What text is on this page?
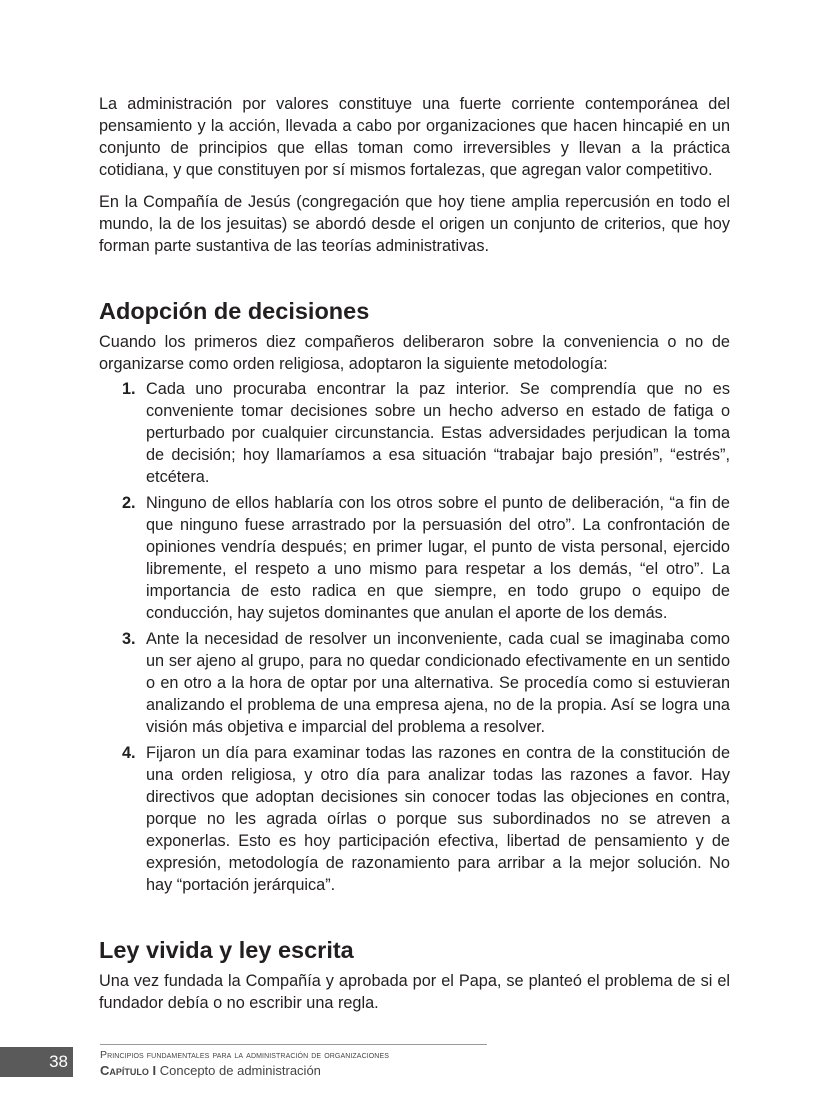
La administración por valores constituye una fuerte corriente contemporánea del pensamiento y la acción, llevada a cabo por organizaciones que hacen hincapié en un conjunto de principios que ellas toman como irreversibles y llevan a la práctica cotidiana, y que constituyen por sí mismos fortalezas, que agregan valor competitivo.

En la Compañía de Jesús (congregación que hoy tiene amplia repercusión en todo el mundo, la de los jesuitas) se abordó desde el origen un conjunto de criterios, que hoy forman parte sustantiva de las teorías administrativas.

Adopción de decisiones

Cuando los primeros diez compañeros deliberaron sobre la conveniencia o no de organizarse como orden religiosa, adoptaron la siguiente metodología:

1. Cada uno procuraba encontrar la paz interior. Se comprendía que no es conveniente tomar decisiones sobre un hecho adverso en estado de fatiga o perturbado por cualquier circunstancia. Estas adversidades perjudican la toma de decisión; hoy llamaríamos a esa situación “trabajar bajo presión”, “estrés”, etcétera.
2. Ninguno de ellos hablaría con los otros sobre el punto de deliberación, “a fin de que ninguno fuese arrastrado por la persuasión del otro”. La confrontación de opiniones vendría después; en primer lugar, el punto de vista personal, ejercido libremente, el respeto a uno mismo para respetar a los demás, “el otro”. La importancia de esto radica en que siempre, en todo grupo o equipo de conducción, hay sujetos dominantes que anulan el aporte de los demás.
3. Ante la necesidad de resolver un inconveniente, cada cual se imaginaba como un ser ajeno al grupo, para no quedar condicionado efectivamente en un sentido o en otro a la hora de optar por una alternativa. Se procedía como si estuvieran analizando el problema de una empresa ajena, no de la propia. Así se logra una visión más objetiva e imparcial del problema a resolver.
4. Fijaron un día para examinar todas las razones en contra de la constitución de una orden religiosa, y otro día para analizar todas las razones a favor. Hay directivos que adoptan decisiones sin conocer todas las objeciones en contra, porque no les agrada oírlas o porque sus subordinados no se atreven a exponerlas. Esto es hoy participación efectiva, libertad de pensamiento y de expresión, metodología de razonamiento para arribar a la mejor solución. No hay “portación jerárquica”.
Ley vivida y ley escrita

Una vez fundada la Compañía y aprobada por el Papa, se planteó el problema de si el fundador debía o no escribir una regla.

38	Principios fundamentales para la administración de organizaciones
Capítulo I Concepto de administración
